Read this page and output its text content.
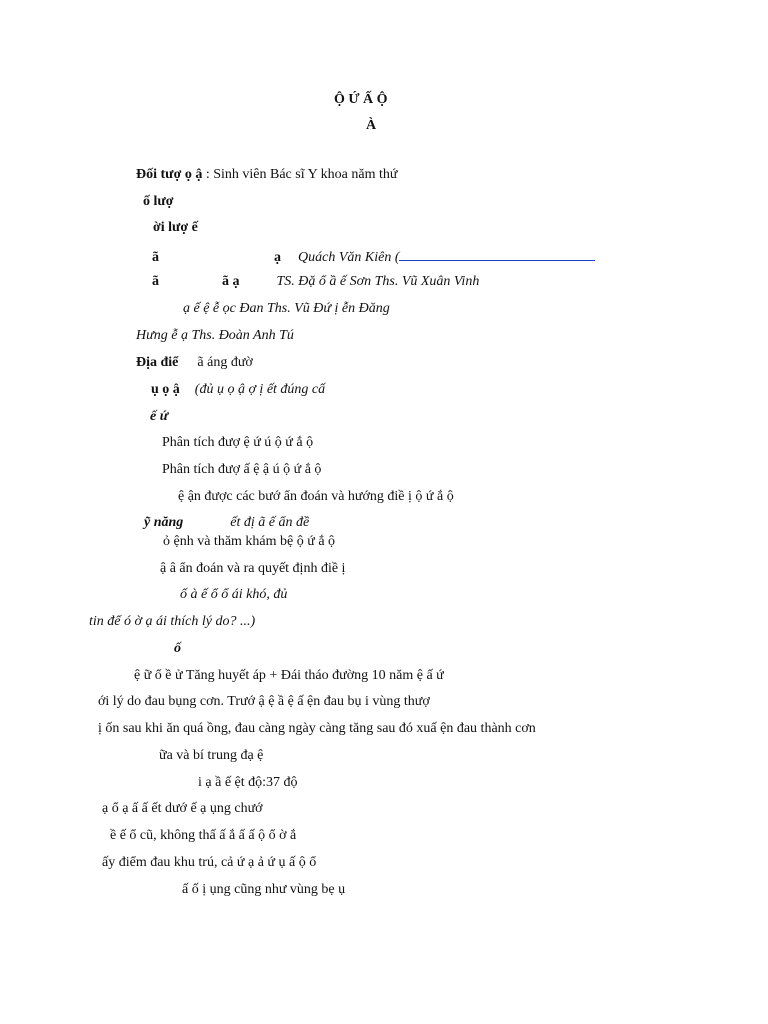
Ộ Ứ Ấ Ộ
À
Đối tượ ọ ậ : Sinh viên Bác sĩ Y khoa năm thứ
ố lượ
ời lượ ế
ã	ạ Quách Văn Kiên (
ã	ã ạ	TS. Đặ ổ ầ ế Sơn Ths. Vũ Xuân Vinh
ạ ế ệ ễ ọc Đan Ths. Vũ Đứ ị ễn Đăng
Hưng ễ ạ Ths. Đoàn Anh Tú
Địa điể ã áng đườ
ụ ọ ậ (đủ ụ ọ ậ ợ ị ết đúng cấ
ế ứ
Phân tích đượ ệ ứ ú ộ ứ ắ ộ
Phân tích đượ ấ ệ ậ ú ộ ứ ắ ộ
ệ ận được các bướ ẩn đoán và hướng điề ị ộ ứ ắ ộ
ỹ năng	ết đị ã ế ẩn đề
ỏ ệnh và thăm khám bệ ộ ứ ắ ộ
ậ â ẩn đoán và ra quyết định điề ị
ố à ế ổ ổ ái khó, đủ
tin để ó ờ ạ ái thích lý do? ...)
ố
ệ ữ ổ ề ử Tăng huyết áp + Đái tháo đường 10 năm ệ ấ ứ
ới lý do đau bụng cơn. Trướ ậ ệ ầ ệ ấ ện đau bụ i vùng thượ
ị ốn sau khi ăn quá ồng, đau càng ngày càng tăng sau đó xuấ ện đau thành cơn
ữa và bí trung đạ ệ
i ạ ầ ế ệt độ:37 độ
ạ ổ ạ ấ ấ ết dướ ế ạ ụng chướ
ề ế ổ cũ, không thấ ấ ắ ấ ấ ộ ổ ờ ắ
ấy điểm đau khu trú, cả ứ ạ ả ứ ụ ấ ộ ổ
ấ ố ị ụng cũng như vùng bẹ ụ
